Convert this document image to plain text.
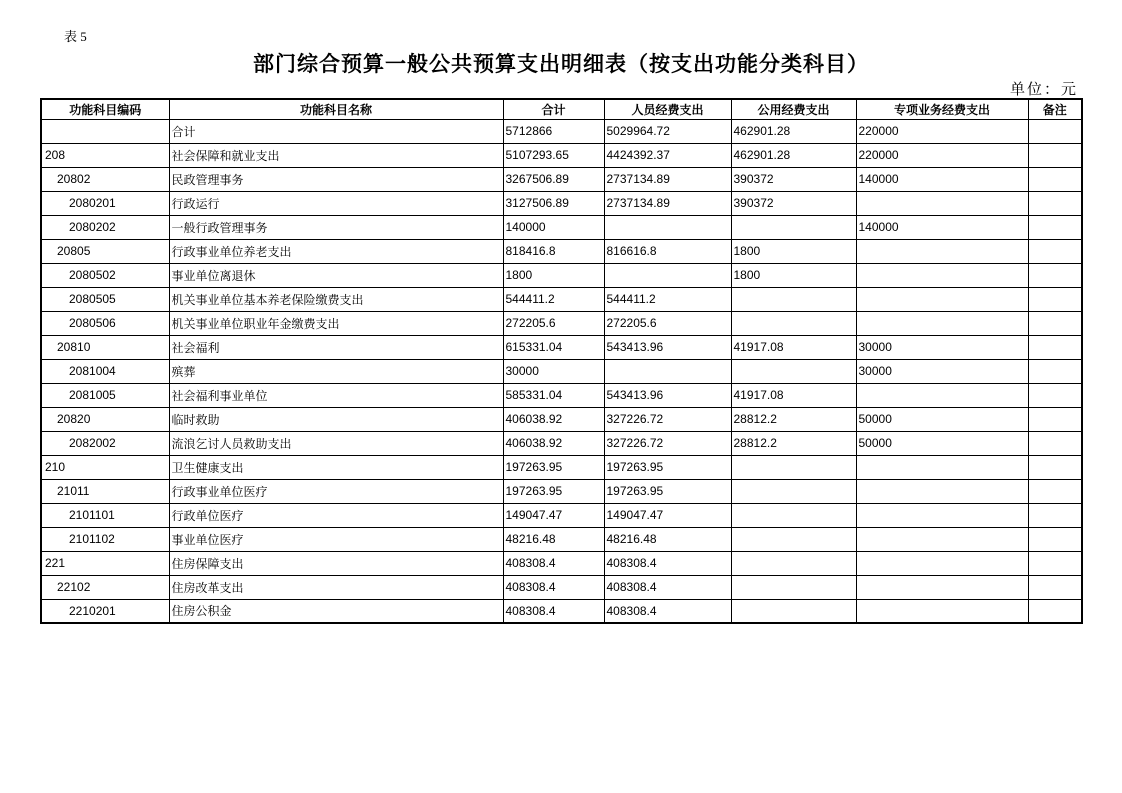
表 5
部门综合预算一般公共预算支出明细表（按支出功能分类科目）
单位：元
功能科目编码	功能科目名称	合计	人员经费支出	公用经费支出	专项业务经费支出	备注
	合计	5712866	5029964.72	462901.28	220000	
208	社会保障和就业支出	5107293.65	4424392.37	462901.28	220000	
20802	民政管理事务	3267506.89	2737134.89	390372	140000	
2080201	行政运行	3127506.89	2737134.89	390372		
2080202	一般行政管理事务	140000			140000	
20805	行政事业单位养老支出	818416.8	816616.8	1800		
2080502	事业单位离退休	1800		1800		
2080505	机关事业单位基本养老保险缴费支出	544411.2	544411.2			
2080506	机关事业单位职业年金缴费支出	272205.6	272205.6			
20810	社会福利	615331.04	543413.96	41917.08	30000	
2081004	殡葬	30000			30000	
2081005	社会福利事业单位	585331.04	543413.96	41917.08		
20820	临时救助	406038.92	327226.72	28812.2	50000	
2082002	流浪乞讨人员救助支出	406038.92	327226.72	28812.2	50000	
210	卫生健康支出	197263.95	197263.95			
21011	行政事业单位医疗	197263.95	197263.95			
2101101	行政单位医疗	149047.47	149047.47			
2101102	事业单位医疗	48216.48	48216.48			
221	住房保障支出	408308.4	408308.4			
22102	住房改革支出	408308.4	408308.4			
2210201	住房公积金	408308.4	408308.4			
